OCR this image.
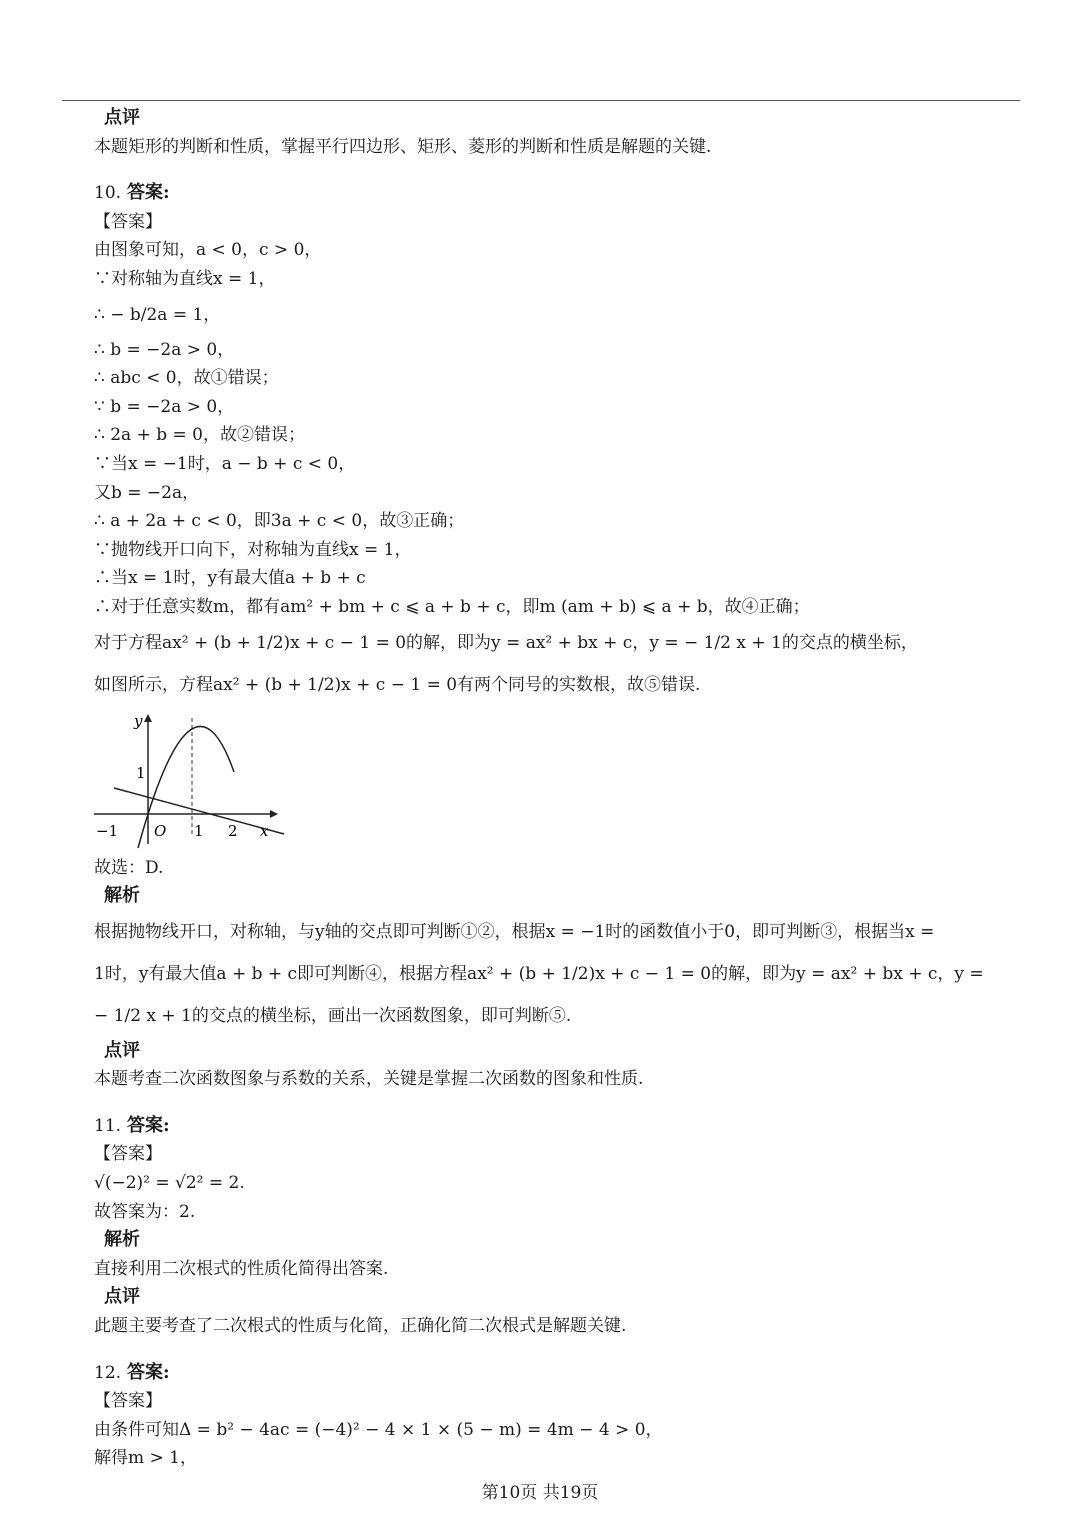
点评
本题矩形的判断和性质，掌握平行四边形、矩形、菱形的判断和性质是解题的关键.
10. 答案:
【答案】
由图象可知，a < 0，c > 0，
∵对称轴为直线x = 1，
∴ − b/2a = 1，
∴ b = −2a > 0，
∴ abc < 0，故①错误；
∵ b = −2a > 0，
∴ 2a + b = 0，故②错误；
∵当x = −1时，a − b + c < 0，
又b = −2a，
∴ a + 2a + c < 0，即3a + c < 0，故③正确；
∵抛物线开口向下，对称轴为直线x = 1，
∴当x = 1时，y有最大值a + b + c
∴对于任意实数m，都有am² + bm + c ⩽ a + b + c，即m (am + b) ⩽ a + b，故④正确；
对于方程ax² + (b + 1/2)x + c − 1 = 0的解，即为y = ax² + bx + c，y = − 1/2 x + 1的交点的横坐标，
如图所示，方程ax² + (b + 1/2)x + c − 1 = 0有两个同号的实数根，故⑤错误.
y
x
O
−1	1 2
1
故选：D.
解析
根据抛物线开口，对称轴，与y轴的交点即可判断①②，根据x = −1时的函数值小于0，即可判断③，根据当x =
1时，y有最大值a + b + c即可判断④，根据方程ax² + (b + 1/2)x + c − 1 = 0的解，即为y = ax² + bx + c，y =
− 1/2 x + 1的交点的横坐标，画出一次函数图象，即可判断⑤.
点评
本题考查二次函数图象与系数的关系，关键是掌握二次函数的图象和性质.
11. 答案:
【答案】
√(−2)² = √2² = 2.
故答案为：2.
解析
直接利用二次根式的性质化简得出答案.
点评
此题主要考查了二次根式的性质与化简，正确化简二次根式是解题关键.
12. 答案:
【答案】
由条件可知Δ = b² − 4ac = (−4)² − 4 × 1 × (5 − m) = 4m − 4 > 0，
解得m > 1，
第10页 共19页
